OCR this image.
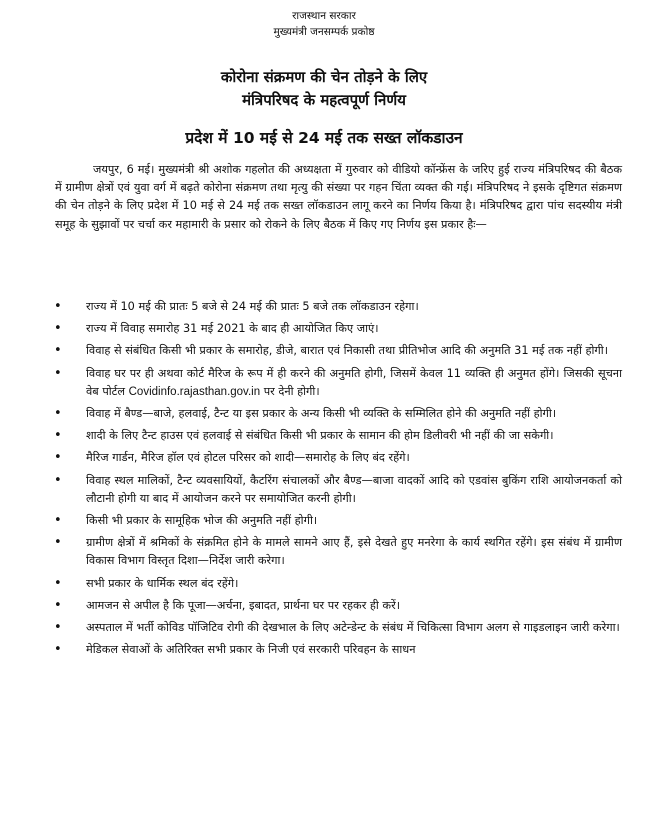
राजस्थान सरकार
मुख्यमंत्री जनसम्पर्क प्रकोष्ठ
कोरोना संक्रमण की चेन तोड़ने के लिए
मंत्रिपरिषद के महत्वपूर्ण निर्णय
प्रदेश में 10 मई से 24 मई तक सख्त लॉकडाउन

जयपुर, 6 मई। मुख्यमंत्री श्री अशोक गहलोत की अध्यक्षता में गुरुवार को वीडियो कॉन्फ्रेंस के जरिए हुई राज्य मंत्रिपरिषद की बैठक में ग्रामीण क्षेत्रों एवं युवा वर्ग में बढ़ते कोरोना संक्रमण तथा मृत्यु की संख्या पर गहन चिंता व्यक्त की गई। मंत्रिपरिषद ने इसके दृष्टिगत संक्रमण की चेन तोड़ने के लिए प्रदेश में 10 मई से 24 मई तक सख्त लॉकडाउन लागू करने का निर्णय किया है। मंत्रिपरिषद द्वारा पांच सदस्यीय मंत्री समूह के सुझावों पर चर्चा कर महामारी के प्रसार को रोकने के लिए बैठक में किए गए निर्णय इस प्रकार हैः—

• राज्य में 10 मई की प्रातः 5 बजे से 24 मई की प्रातः 5 बजे तक लॉकडाउन रहेगा।
• राज्य में विवाह समारोह 31 मई 2021 के बाद ही आयोजित किए जाएं।
• विवाह से संबंधित किसी भी प्रकार के समारोह, डीजे, बारात एवं निकासी तथा प्रीतिभोज आदि की अनुमति 31 मई तक नहीं होगी।
• विवाह घर पर ही अथवा कोर्ट मैरिज के रूप में ही करने की अनुमति होगी, जिसमें केवल 11 व्यक्ति ही अनुमत होंगे। जिसकी सूचना वेब पोर्टल Covidinfo.rajasthan.gov.in पर देनी होगी।
• विवाह में बैण्ड—बाजे, हलवाई, टैन्ट या इस प्रकार के अन्य किसी भी व्यक्ति के सम्मिलित होने की अनुमति नहीं होगी।
• शादी के लिए टैन्ट हाउस एवं हलवाई से संबंधित किसी भी प्रकार के सामान की होम डिलीवरी भी नहीं की जा सकेगी।
• मैरिज गार्डन, मैरिज हॉल एवं होटल परिसर को शादी—समारोह के लिए बंद रहेंगे।
• विवाह स्थल मालिकों, टैन्ट व्यवसायियों, कैटरिंग संचालकों और बैण्ड—बाजा वादकों आदि को एडवांस बुकिंग राशि आयोजनकर्ता को लौटानी होगी या बाद में आयोजन करने पर समायोजित करनी होगी।
• किसी भी प्रकार के सामूहिक भोज की अनुमति नहीं होगी।
• ग्रामीण क्षेत्रों में श्रमिकों के संक्रमित होने के मामले सामने आए हैं, इसे देखते हुए मनरेगा के कार्य स्थगित रहेंगे। इस संबंध में ग्रामीण विकास विभाग विस्तृत दिशा—निर्देश जारी करेगा।
• सभी प्रकार के धार्मिक स्थल बंद रहेंगे।
• आमजन से अपील है कि पूजा—अर्चना, इबादत, प्रार्थना घर पर रहकर ही करें।
• अस्पताल में भर्ती कोविड पॉजिटिव रोगी की देखभाल के लिए अटेन्डेन्ट के संबंध में चिकित्सा विभाग अलग से गाइडलाइन जारी करेगा।
• मेडिकल सेवाओं के अतिरिक्त सभी प्रकार के निजी एवं सरकारी परिवहन के साधन
